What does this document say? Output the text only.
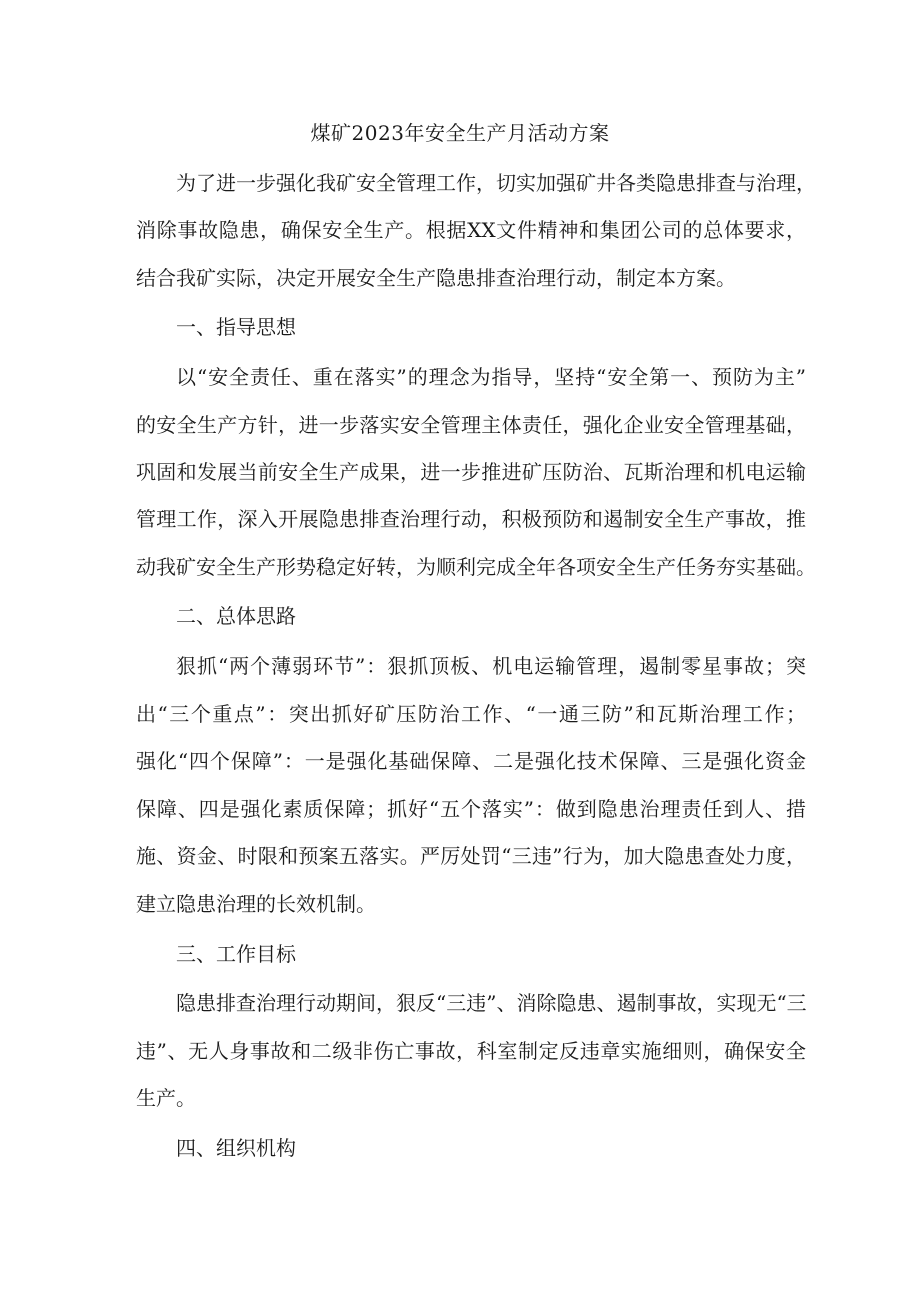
煤矿2023年安全生产月活动方案
为了进一步强化我矿安全管理工作，切实加强矿井各类隐患排查与治理，
消除事故隐患，确保安全生产。根据XX文件精神和集团公司的总体要求，
结合我矿实际，决定开展安全生产隐患排查治理行动，制定本方案。
一、指导思想
以“安全责任、重在落实”的理念为指导，坚持“安全第一、预防为主”
的安全生产方针，进一步落实安全管理主体责任，强化企业安全管理基础，
巩固和发展当前安全生产成果，进一步推进矿压防治、瓦斯治理和机电运输
管理工作，深入开展隐患排查治理行动，积极预防和遏制安全生产事故，推
动我矿安全生产形势稳定好转，为顺利完成全年各项安全生产任务夯实基础。
二、总体思路
狠抓“两个薄弱环节”：狠抓顶板、机电运输管理，遏制零星事故；突
出“三个重点”：突出抓好矿压防治工作、“一通三防”和瓦斯治理工作；
强化“四个保障”：一是强化基础保障、二是强化技术保障、三是强化资金
保障、四是强化素质保障；抓好“五个落实”：做到隐患治理责任到人、措
施、资金、时限和预案五落实。严厉处罚“三违”行为，加大隐患查处力度，
建立隐患治理的长效机制。
三、工作目标
隐患排查治理行动期间，狠反“三违”、消除隐患、遏制事故，实现无“三
违”、无人身事故和二级非伤亡事故，科室制定反违章实施细则，确保安全
生产。
四、组织机构
